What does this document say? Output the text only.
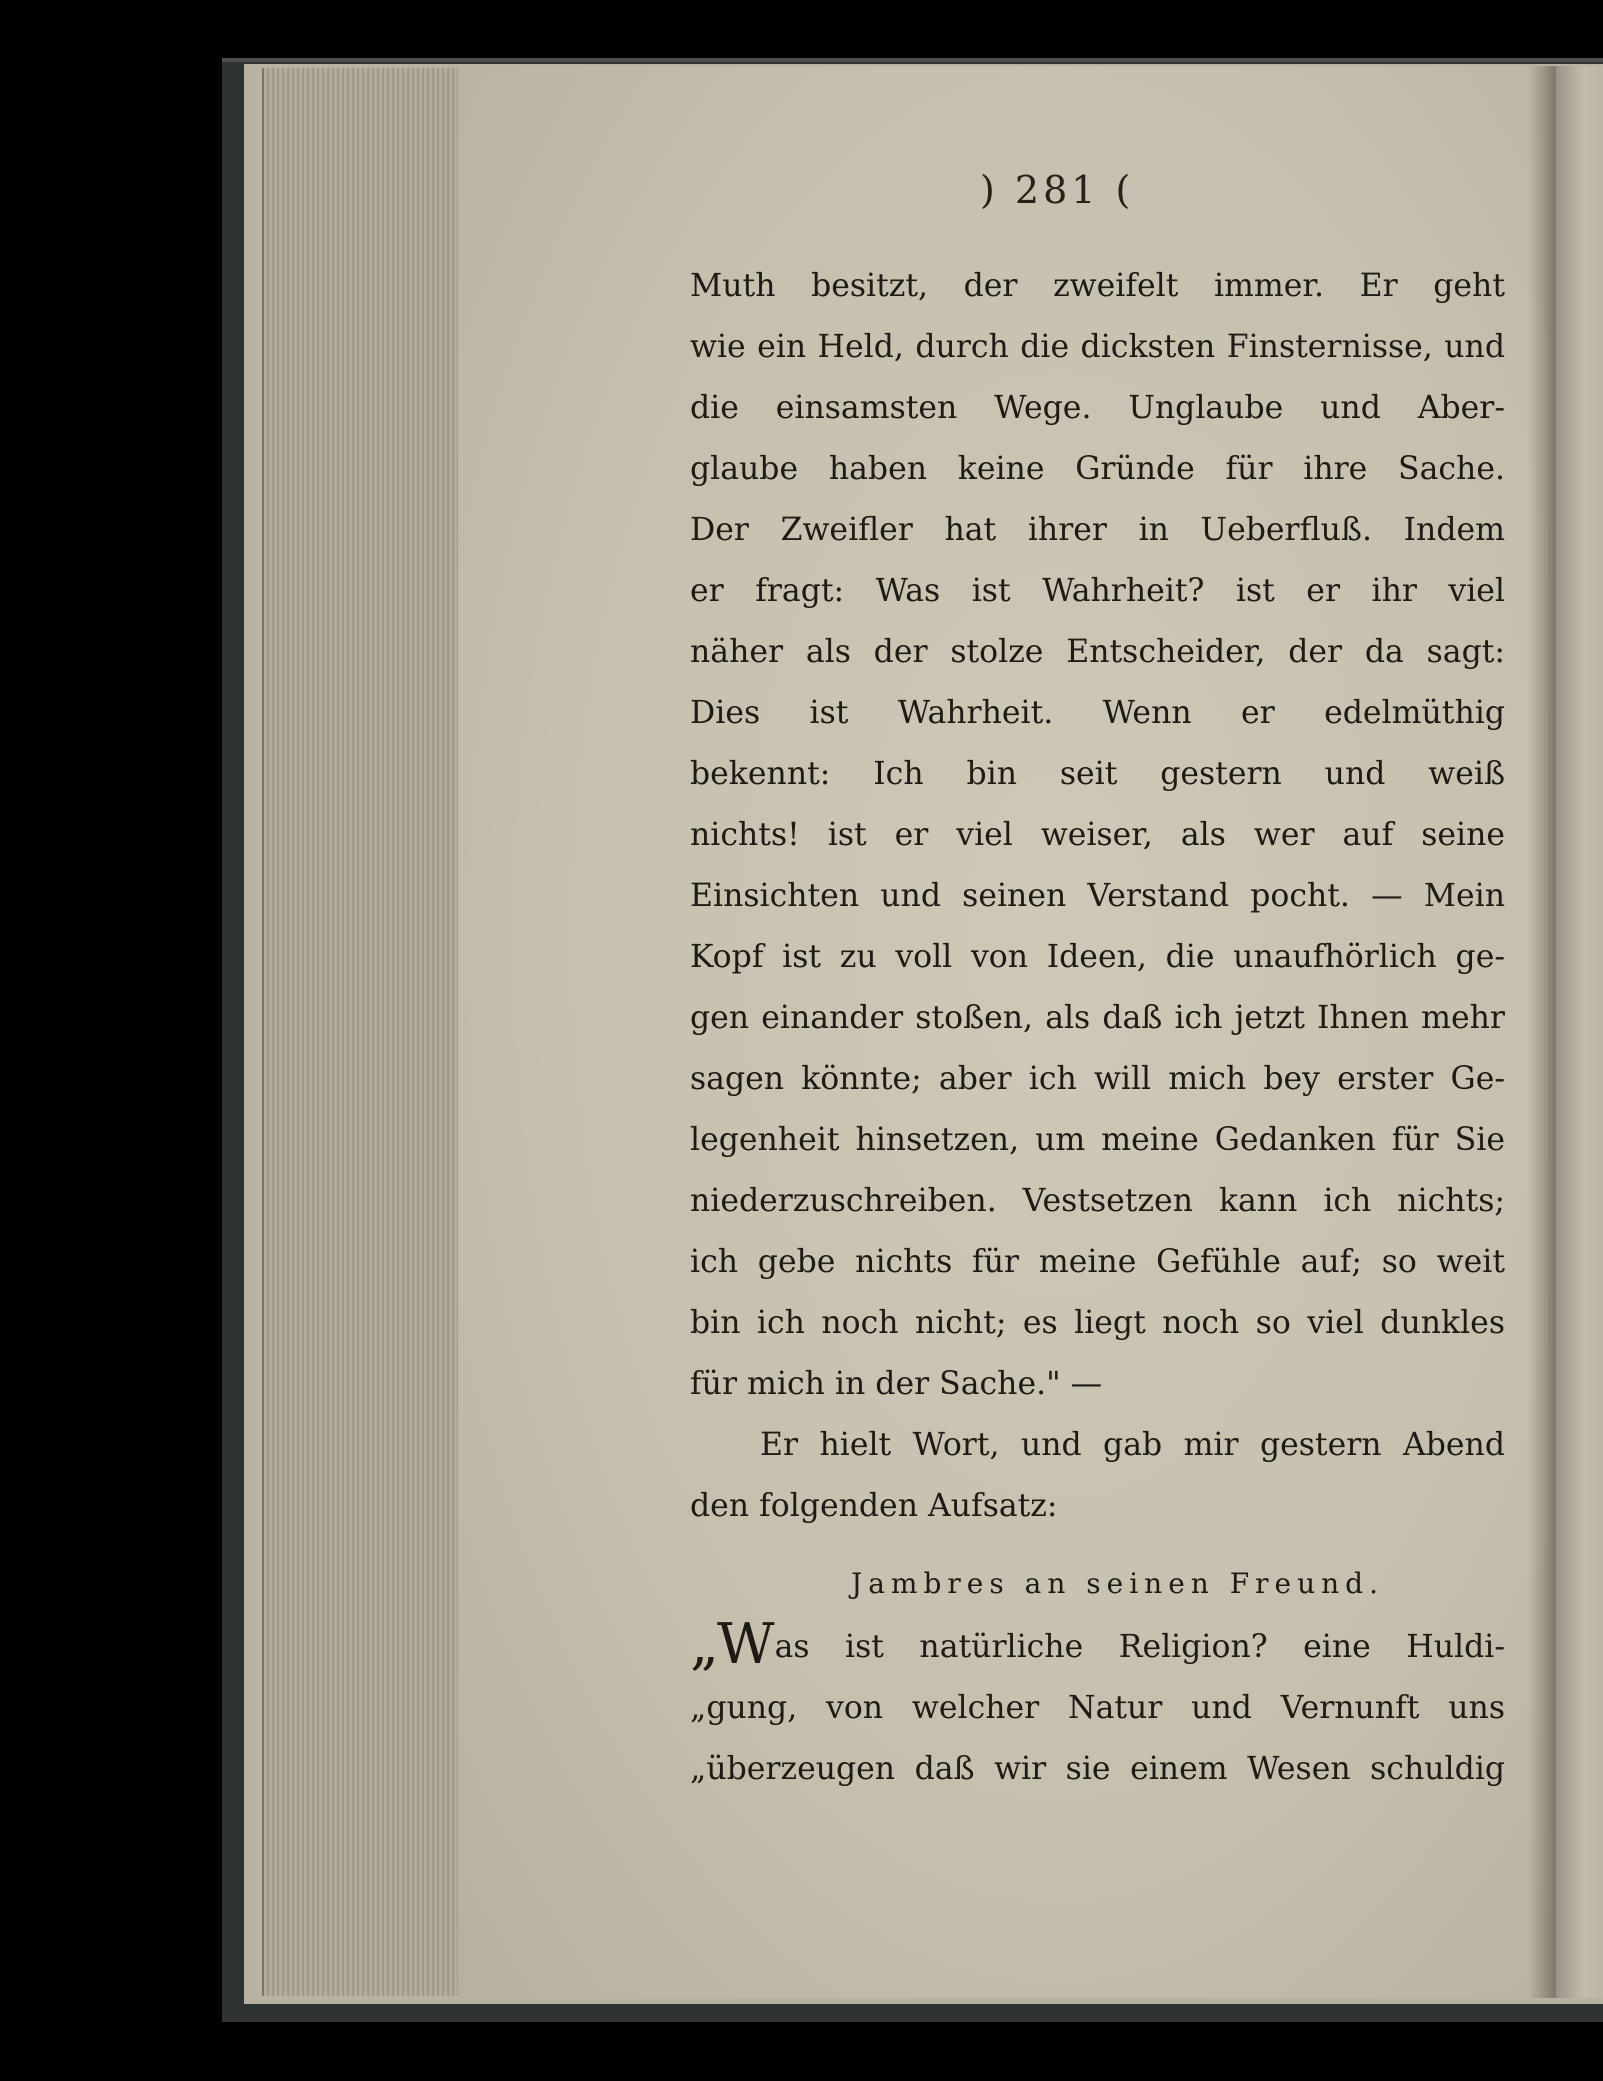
) 281 (
Muth besitzt, der zweifelt immer. Er geht
wie ein Held, durch die dicksten Finsternisse, und
die einsamsten Wege. Unglaube und Aber-
glaube haben keine Gründe für ihre Sache.
Der Zweifler hat ihrer in Ueberfluß. Indem
er fragt: Was ist Wahrheit? ist er ihr viel
näher als der stolze Entscheider, der da sagt:
Dies ist Wahrheit. Wenn er edelmüthig
bekennt: Ich bin seit gestern und weiß
nichts! ist er viel weiser, als wer auf seine
Einsichten und seinen Verstand pocht. — Mein
Kopf ist zu voll von Ideen, die unaufhörlich ge-
gen einander stoßen, als daß ich jetzt Ihnen mehr
sagen könnte; aber ich will mich bey erster Ge-
legenheit hinsetzen, um meine Gedanken für Sie
niederzuschreiben. Vestsetzen kann ich nichts;
ich gebe nichts für meine Gefühle auf; so weit
bin ich noch nicht; es liegt noch so viel dunkles
für mich in der Sache." —
Er hielt Wort, und gab mir gestern Abend
den folgenden Aufsatz:
Jambres an seinen Freund.
„Was ist natürliche Religion? eine Huldi-
„gung, von welcher Natur und Vernunft uns
„überzeugen daß wir sie einem Wesen schuldig
